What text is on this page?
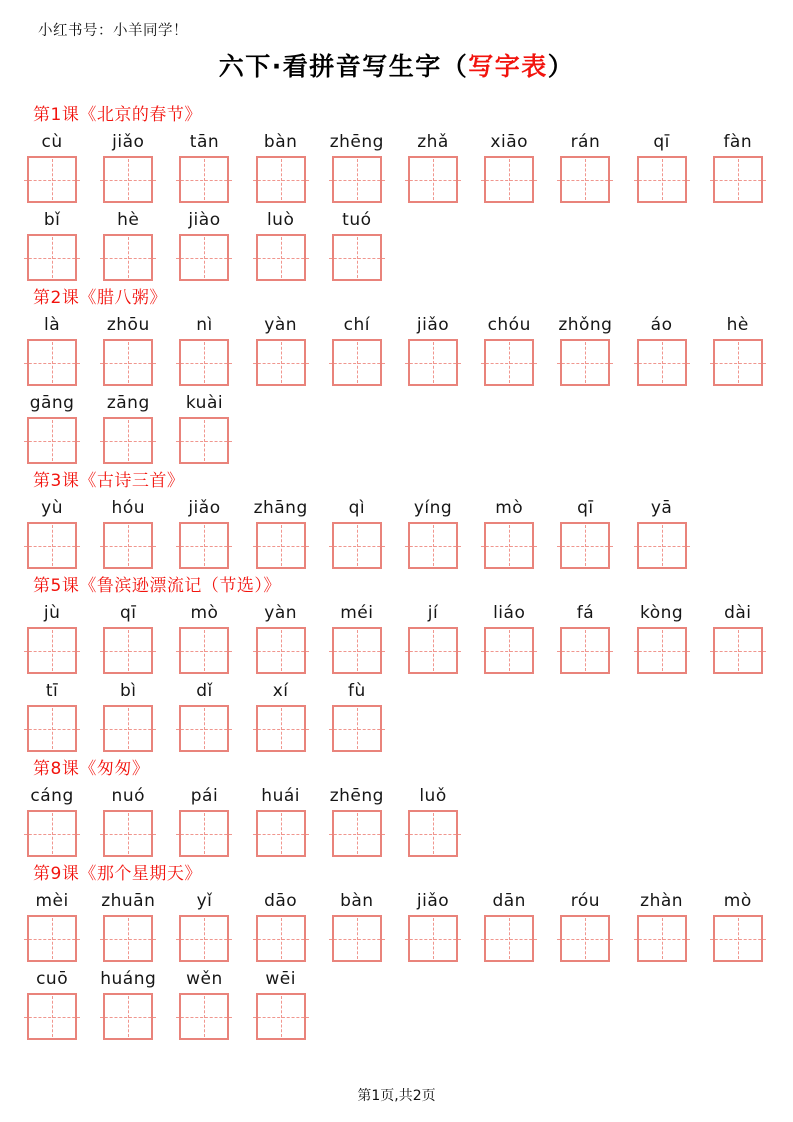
小红书号：小羊同学！
六下·看拼音写生字（写字表）
第1课《北京的春节》
cù	jiǎo	tān	bàn zhēng zhǎ xiāo	rán	qī	fàn
bǐ	hè	jiào	luò	tuó
第2课《腊八粥》
là	zhōu	nì	yàn	chí	jiǎo chóu zhǒng áo	hè
gāng zāng kuài
第3课《古诗三首》
yù	hóu	jiǎo zhāng qì	yíng	mò	qī	yā
第5课《鲁滨逊漂流记（节选）》
jù	qī	mò	yàn	méi	jí	liáo	fá	kòng dài
tī	bì	dǐ	xí	fù
第8课《匆匆》
cáng nuó	pái	huái zhēng luǒ
第9课《那个星期天》
mèi zhuān yǐ	dāo	bàn	jiǎo	dān	róu zhàn mò
cuō huáng wěn	wēi
第1页,共2页
